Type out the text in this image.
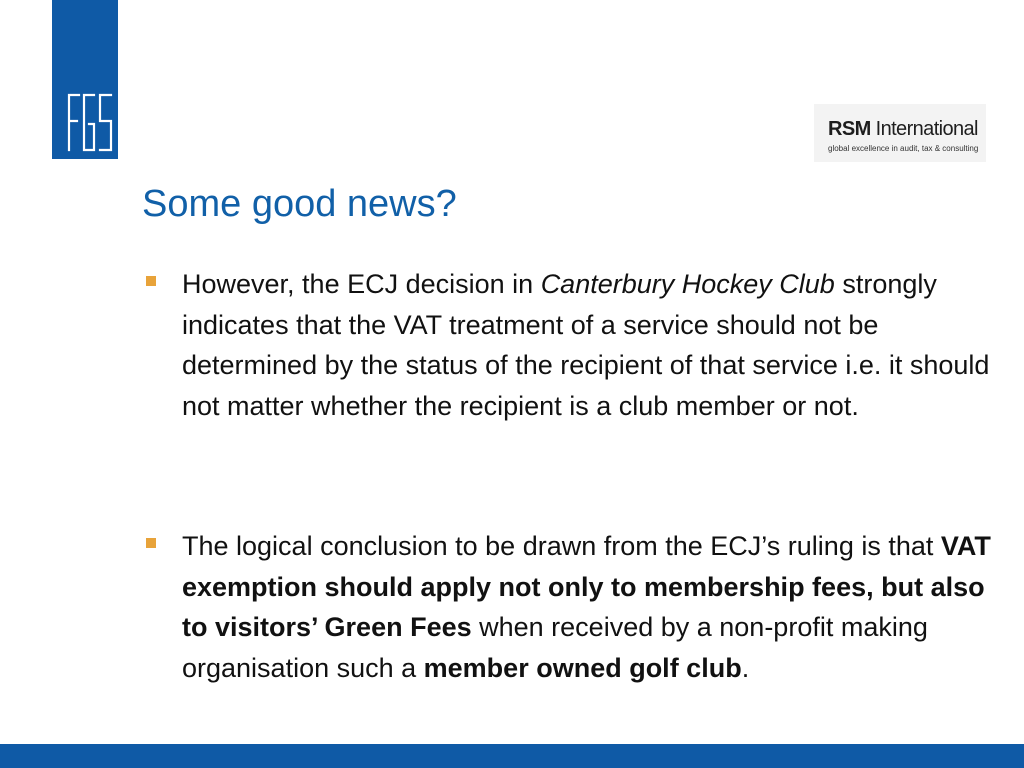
RSM International
global excellence in audit, tax & consulting
Some good news?
However, the ECJ decision in Canterbury Hockey Club strongly indicates that the VAT treatment of a service should not be determined by the status of the recipient of that service i.e. it should not matter whether the recipient is a club member or not.
The logical conclusion to be drawn from the ECJ’s ruling is that VAT exemption should apply not only to membership fees, but also to visitors’ Green Fees when received by a non-profit making organisation such a member owned golf club.
